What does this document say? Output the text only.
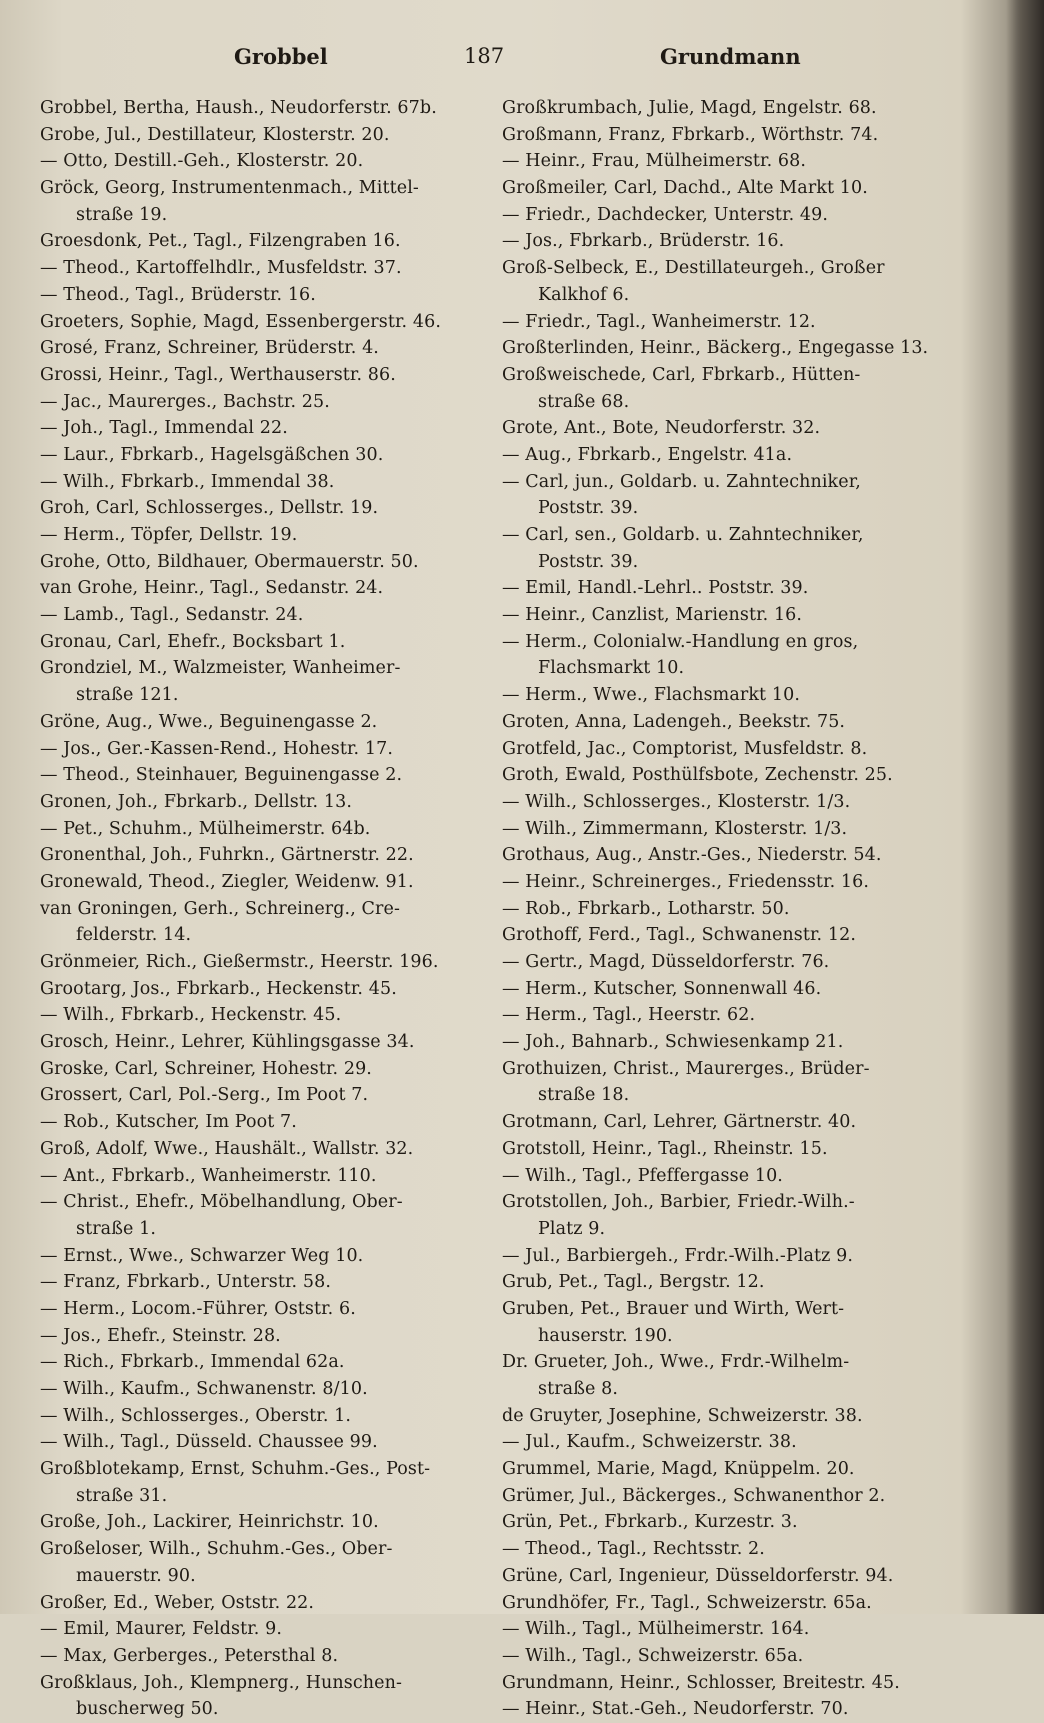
Grobbel	187	Grundmann
Grobbel, Bertha, Haush., Neudorferstr. 67b.
Grobe, Jul., Destillateur, Klosterstr. 20.
— Otto, Destill.-Geh., Klosterstr. 20.
Gröck, Georg, Instrumentenmach., Mittel-
straße 19.
Groesdonk, Pet., Tagl., Filzengraben 16.
— Theod., Kartoffelhdlr., Musfeldstr. 37.
— Theod., Tagl., Brüderstr. 16.
Groeters, Sophie, Magd, Essenbergerstr. 46.
Grosé, Franz, Schreiner, Brüderstr. 4.
Grossi, Heinr., Tagl., Werthauserstr. 86.
— Jac., Maurerges., Bachstr. 25.
— Joh., Tagl., Immendal 22.
— Laur., Fbrkarb., Hagelsgäßchen 30.
— Wilh., Fbrkarb., Immendal 38.
Groh, Carl, Schlosserges., Dellstr. 19.
— Herm., Töpfer, Dellstr. 19.
Grohe, Otto, Bildhauer, Obermauerstr. 50.
van Grohe, Heinr., Tagl., Sedanstr. 24.
— Lamb., Tagl., Sedanstr. 24.
Gronau, Carl, Ehefr., Bocksbart 1.
Grondziel, M., Walzmeister, Wanheimer-
straße 121.
Gröne, Aug., Wwe., Beguinengasse 2.
— Jos., Ger.-Kassen-Rend., Hohestr. 17.
— Theod., Steinhauer, Beguinengasse 2.
Gronen, Joh., Fbrkarb., Dellstr. 13.
— Pet., Schuhm., Mülheimerstr. 64b.
Gronenthal, Joh., Fuhrkn., Gärtnerstr. 22.
Gronewald, Theod., Ziegler, Weidenw. 91.
van Groningen, Gerh., Schreinerg., Cre-
felderstr. 14.
Grönmeier, Rich., Gießermstr., Heerstr. 196.
Grootarg, Jos., Fbrkarb., Heckenstr. 45.
— Wilh., Fbrkarb., Heckenstr. 45.
Grosch, Heinr., Lehrer, Kühlingsgasse 34.
Groske, Carl, Schreiner, Hohestr. 29.
Grossert, Carl, Pol.-Serg., Im Poot 7.
— Rob., Kutscher, Im Poot 7.
Groß, Adolf, Wwe., Haushält., Wallstr. 32.
— Ant., Fbrkarb., Wanheimerstr. 110.
— Christ., Ehefr., Möbelhandlung, Ober-
straße 1.
— Ernst., Wwe., Schwarzer Weg 10.
— Franz, Fbrkarb., Unterstr. 58.
— Herm., Locom.-Führer, Oststr. 6.
— Jos., Ehefr., Steinstr. 28.
— Rich., Fbrkarb., Immendal 62a.
— Wilh., Kaufm., Schwanenstr. 8/10.
— Wilh., Schlosserges., Oberstr. 1.
— Wilh., Tagl., Düsseld. Chaussee 99.
Großblotekamp, Ernst, Schuhm.-Ges., Post-
straße 31.
Große, Joh., Lackirer, Heinrichstr. 10.
Großeloser, Wilh., Schuhm.-Ges., Ober-
mauerstr. 90.
Großer, Ed., Weber, Oststr. 22.
— Emil, Maurer, Feldstr. 9.
— Max, Gerberges., Petersthal 8.
Großklaus, Joh., Klempnerg., Hunschen-
buscherweg 50.
Großkrumbach, Julie, Magd, Engelstr. 68.
Großmann, Franz, Fbrkarb., Wörthstr. 74.
— Heinr., Frau, Mülheimerstr. 68.
Großmeiler, Carl, Dachd., Alte Markt 10.
— Friedr., Dachdecker, Unterstr. 49.
— Jos., Fbrkarb., Brüderstr. 16.
Groß-Selbeck, E., Destillateurgeh., Großer
Kalkhof 6.
— Friedr., Tagl., Wanheimerstr. 12.
Großterlinden, Heinr., Bäckerg., Engegasse 13.
Großweischede, Carl, Fbrkarb., Hütten-
straße 68.
Grote, Ant., Bote, Neudorferstr. 32.
— Aug., Fbrkarb., Engelstr. 41a.
— Carl, jun., Goldarb. u. Zahntechniker,
Poststr. 39.
— Carl, sen., Goldarb. u. Zahntechniker,
Poststr. 39.
— Emil, Handl.-Lehrl.. Poststr. 39.
— Heinr., Canzlist, Marienstr. 16.
— Herm., Colonialw.-Handlung en gros,
Flachsmarkt 10.
— Herm., Wwe., Flachsmarkt 10.
Groten, Anna, Ladengeh., Beekstr. 75.
Grotfeld, Jac., Comptorist, Musfeldstr. 8.
Groth, Ewald, Posthülfsbote, Zechenstr. 25.
— Wilh., Schlosserges., Klosterstr. 1/3.
— Wilh., Zimmermann, Klosterstr. 1/3.
Grothaus, Aug., Anstr.-Ges., Niederstr. 54.
— Heinr., Schreinerges., Friedensstr. 16.
— Rob., Fbrkarb., Lotharstr. 50.
Grothoff, Ferd., Tagl., Schwanenstr. 12.
— Gertr., Magd, Düsseldorferstr. 76.
— Herm., Kutscher, Sonnenwall 46.
— Herm., Tagl., Heerstr. 62.
— Joh., Bahnarb., Schwiesenkamp 21.
Grothuizen, Christ., Maurerges., Brüder-
straße 18.
Grotmann, Carl, Lehrer, Gärtnerstr. 40.
Grotstoll, Heinr., Tagl., Rheinstr. 15.
— Wilh., Tagl., Pfeffergasse 10.
Grotstollen, Joh., Barbier, Friedr.-Wilh.-
Platz 9.
— Jul., Barbiergeh., Frdr.-Wilh.-Platz 9.
Grub, Pet., Tagl., Bergstr. 12.
Gruben, Pet., Brauer und Wirth, Wert-
hauserstr. 190.
Dr. Grueter, Joh., Wwe., Frdr.-Wilhelm-
straße 8.
de Gruyter, Josephine, Schweizerstr. 38.
— Jul., Kaufm., Schweizerstr. 38.
Grummel, Marie, Magd, Knüppelm. 20.
Grümer, Jul., Bäckerges., Schwanenthor 2.
Grün, Pet., Fbrkarb., Kurzestr. 3.
— Theod., Tagl., Rechtsstr. 2.
Grüne, Carl, Ingenieur, Düsseldorferstr. 94.
Grundhöfer, Fr., Tagl., Schweizerstr. 65a.
— Wilh., Tagl., Mülheimerstr. 164.
— Wilh., Tagl., Schweizerstr. 65a.
Grundmann, Heinr., Schlosser, Breitestr. 45.
— Heinr., Stat.-Geh., Neudorferstr. 70.
